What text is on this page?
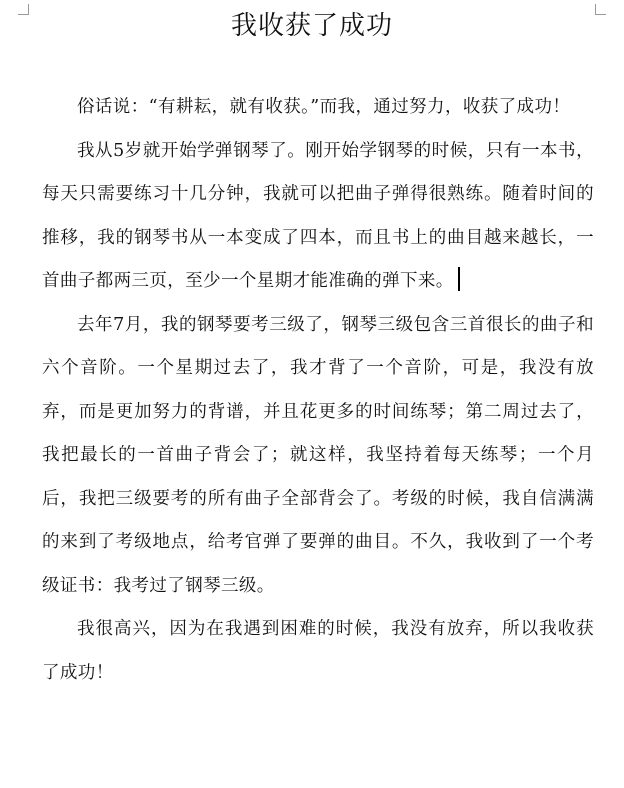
我收获了成功

俗话说：“有耕耘，就有收获。”而我，通过努力，收获了成功！

我从5岁就开始学弹钢琴了。刚开始学钢琴的时候，只有一本书，每天只需要练习十几分钟，我就可以把曲子弹得很熟练。随着时间的推移，我的钢琴书从一本变成了四本，而且书上的曲目越来越长，一首曲子都两三页，至少一个星期才能准确的弹下来。

去年7月，我的钢琴要考三级了，钢琴三级包含三首很长的曲子和六个音阶。一个星期过去了，我才背了一个音阶，可是，我没有放弃，而是更加努力的背谱，并且花更多的时间练琴；第二周过去了，我把最长的一首曲子背会了；就这样，我坚持着每天练琴；一个月后，我把三级要考的所有曲子全部背会了。考级的时候，我自信满满的来到了考级地点，给考官弹了要弹的曲目。不久，我收到了一个考级证书：我考过了钢琴三级。

我很高兴，因为在我遇到困难的时候，我没有放弃，所以我收获了成功！
